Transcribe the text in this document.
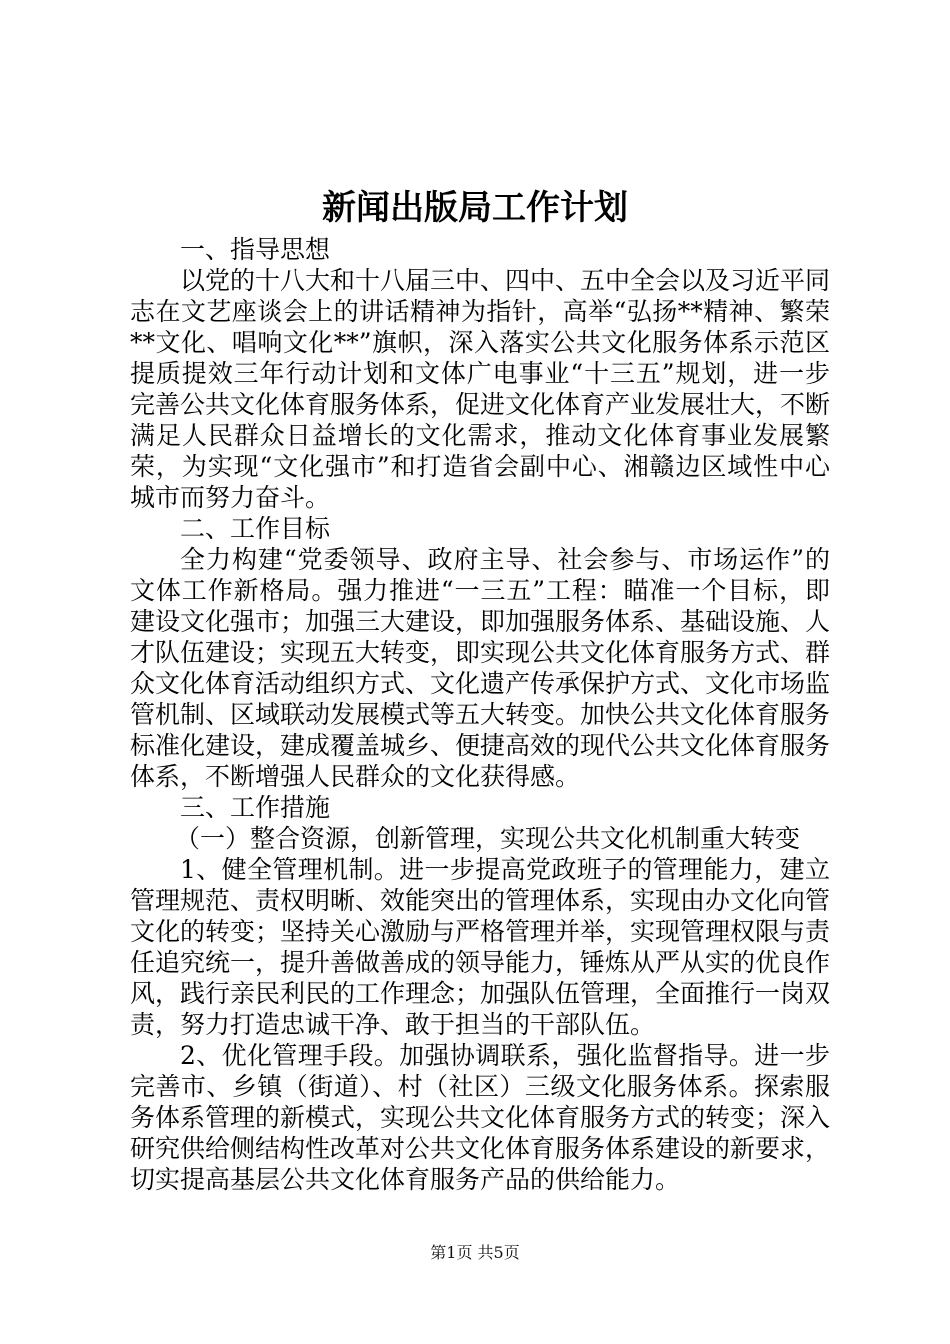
新闻出版局工作计划

一、指导思想

以党的十八大和十八届三中、四中、五中全会以及习近平同志在文艺座谈会上的讲话精神为指针，高举“弘扬**精神、繁荣**文化、唱响文化**”旗帜，深入落实公共文化服务体系示范区提质提效三年行动计划和文体广电事业“十三五”规划，进一步完善公共文化体育服务体系，促进文化体育产业发展壮大，不断满足人民群众日益增长的文化需求，推动文化体育事业发展繁荣，为实现“文化强市”和打造省会副中心、湘赣边区域性中心城市而努力奋斗。

二、工作目标

全力构建“党委领导、政府主导、社会参与、市场运作”的文体工作新格局。强力推进“一三五”工程：瞄准一个目标，即建设文化强市；加强三大建设，即加强服务体系、基础设施、人才队伍建设；实现五大转变，即实现公共文化体育服务方式、群众文化体育活动组织方式、文化遗产传承保护方式、文化市场监管机制、区域联动发展模式等五大转变。加快公共文化体育服务标准化建设，建成覆盖城乡、便捷高效的现代公共文化体育服务体系，不断增强人民群众的文化获得感。

三、工作措施

（一）整合资源，创新管理，实现公共文化机制重大转变

1、健全管理机制。进一步提高党政班子的管理能力，建立管理规范、责权明晰、效能突出的管理体系，实现由办文化向管文化的转变；坚持关心激励与严格管理并举，实现管理权限与责任追究统一，提升善做善成的领导能力，锤炼从严从实的优良作风，践行亲民利民的工作理念；加强队伍管理，全面推行一岗双责，努力打造忠诚干净、敢于担当的干部队伍。

2、优化管理手段。加强协调联系，强化监督指导。进一步完善市、乡镇（街道）、村（社区）三级文化服务体系。探索服务体系管理的新模式，实现公共文化体育服务方式的转变；深入研究供给侧结构性改革对公共文化体育服务体系建设的新要求，切实提高基层公共文化体育服务产品的供给能力。

第1页 共5页
